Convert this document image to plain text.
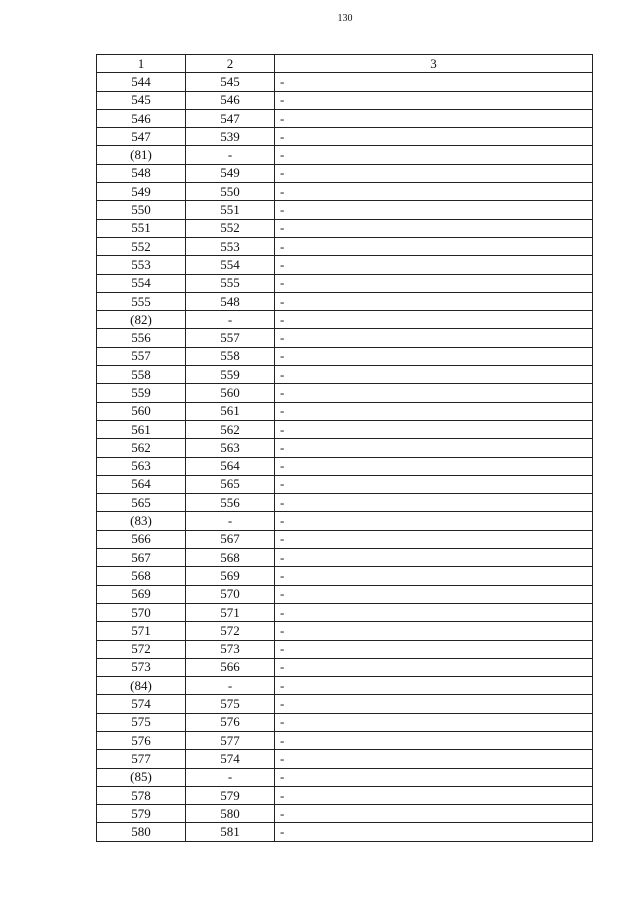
130
1	2	3
544	545	-
545	546	-
546	547	-
547	539	-
(81)	-	-
548	549	-
549	550	-
550	551	-
551	552	-
552	553	-
553	554	-
554	555	-
555	548	-
(82)	-	-
556	557	-
557	558	-
558	559	-
559	560	-
560	561	-
561	562	-
562	563	-
563	564	-
564	565	-
565	556	-
(83)	-	-
566	567	-
567	568	-
568	569	-
569	570	-
570	571	-
571	572	-
572	573	-
573	566	-
(84)	-	-
574	575	-
575	576	-
576	577	-
577	574	-
(85)	-	-
578	579	-
579	580	-
580	581	-
